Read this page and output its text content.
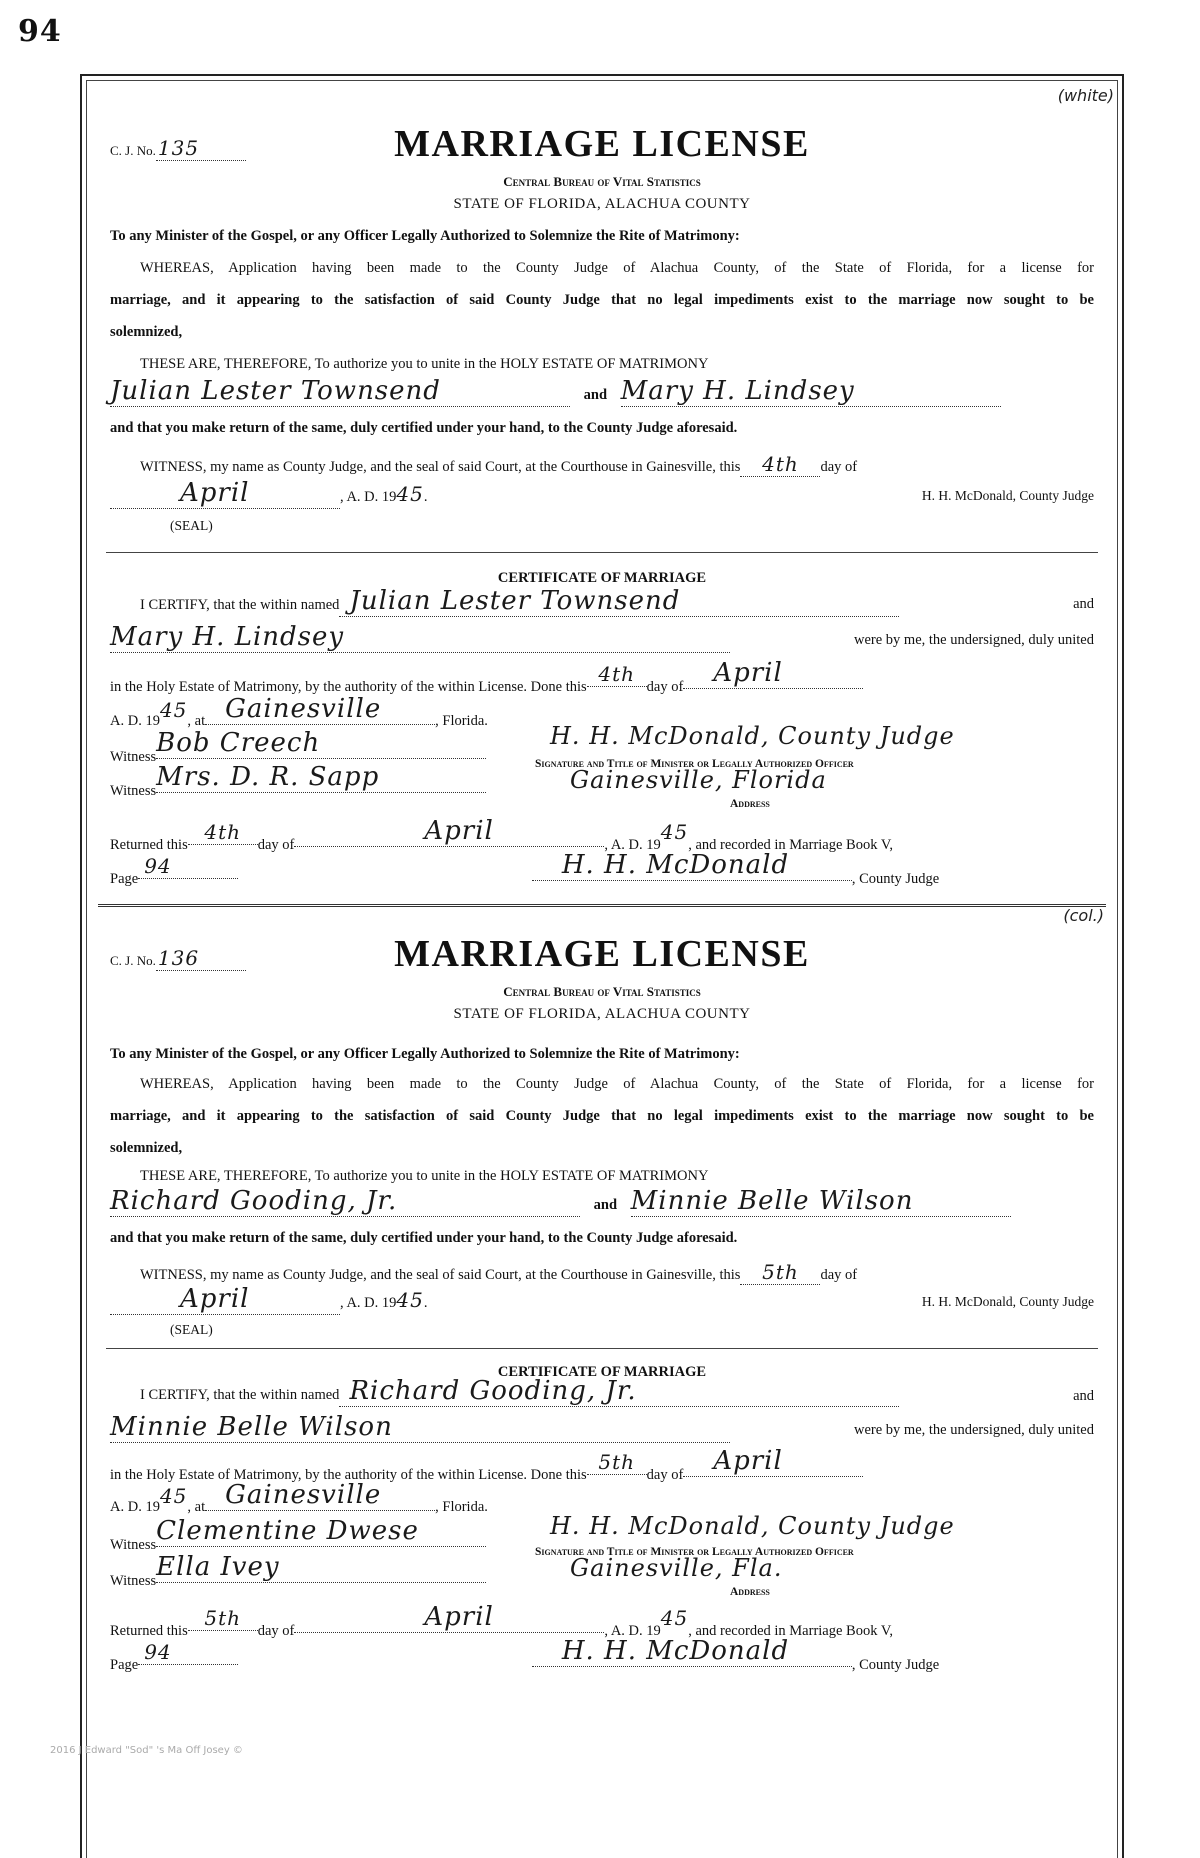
94
(white)
C. J. No. 135	MARRIAGE LICENSE
Central Bureau of Vital Statistics
STATE OF FLORIDA, ALACHUA COUNTY
To any Minister of the Gospel, or any Officer Legally Authorized to Solemnize the Rite of Matrimony:
WHEREAS, Application having been made to the County Judge of Alachua County, of the State of Florida, for a license for
marriage, and it appearing to the satisfaction of said County Judge that no legal impediments exist to the marriage now sought to be
solemnized,
THESE ARE, THEREFORE, To authorize you to unite in the HOLY ESTATE OF MATRIMONY
Julian Lester Townsend	and Mary H. Lindsey
and that you make return of the same, duly certified under your hand, to the County Judge aforesaid.
WITNESS, my name as County Judge, and the seal of said Court, at the Courthouse in Gainesville, this 4th day of
April	, A. D. 1945.	H. H. McDonald, County Judge
(SEAL)
CERTIFICATE OF MARRIAGE
I CERTIFY, that the within named Julian Lester Townsend	and
Mary H. Lindsey	were by me, the undersigned, duly united
in the Holy Estate of Matrimony, by the authority of the within License. Done this4thday of April
A. D. 1945, at Gainesville	, Florida.
WitnessBob Creech	H. H. McDonald, County Judge
Signature and Title of Minister or Legally Authorized Officer
WitnessMrs. D. R. Sapp	Gainesville, Florida
Address
Returned this4thday of	April	, A. D. 1945, and recorded in Marriage Book V,
Page94	H. H. McDonald	, County Judge
(col.)
C. J. No. 136	MARRIAGE LICENSE
Central Bureau of Vital Statistics
STATE OF FLORIDA, ALACHUA COUNTY
To any Minister of the Gospel, or any Officer Legally Authorized to Solemnize the Rite of Matrimony:
WHEREAS, Application having been made to the County Judge of Alachua County, of the State of Florida, for a license for
marriage, and it appearing to the satisfaction of said County Judge that no legal impediments exist to the marriage now sought to be
solemnized,
THESE ARE, THEREFORE, To authorize you to unite in the HOLY ESTATE OF MATRIMONY
Richard Gooding, Jr.	and Minnie Belle Wilson
and that you make return of the same, duly certified under your hand, to the County Judge aforesaid.
WITNESS, my name as County Judge, and the seal of said Court, at the Courthouse in Gainesville, this 5th day of
April	, A. D. 1945.	H. H. McDonald, County Judge
(SEAL)
CERTIFICATE OF MARRIAGE
I CERTIFY, that the within named Richard Gooding, Jr.	and
Minnie Belle Wilson	were by me, the undersigned, duly united
in the Holy Estate of Matrimony, by the authority of the within License. Done this5thday of April
A. D. 1945, at Gainesville	, Florida.
WitnessClementine Dwese	H. H. McDonald, County Judge
Signature and Title of Minister or Legally Authorized Officer
WitnessElla Ivey	Gainesville, Fla.
Address
Returned this5thday of	April	, A. D. 1945, and recorded in Marriage Book V,
Page94	H. H. McDonald	, County Judge
2016 J Edward "Sod" 's Ma Off Josey ©
